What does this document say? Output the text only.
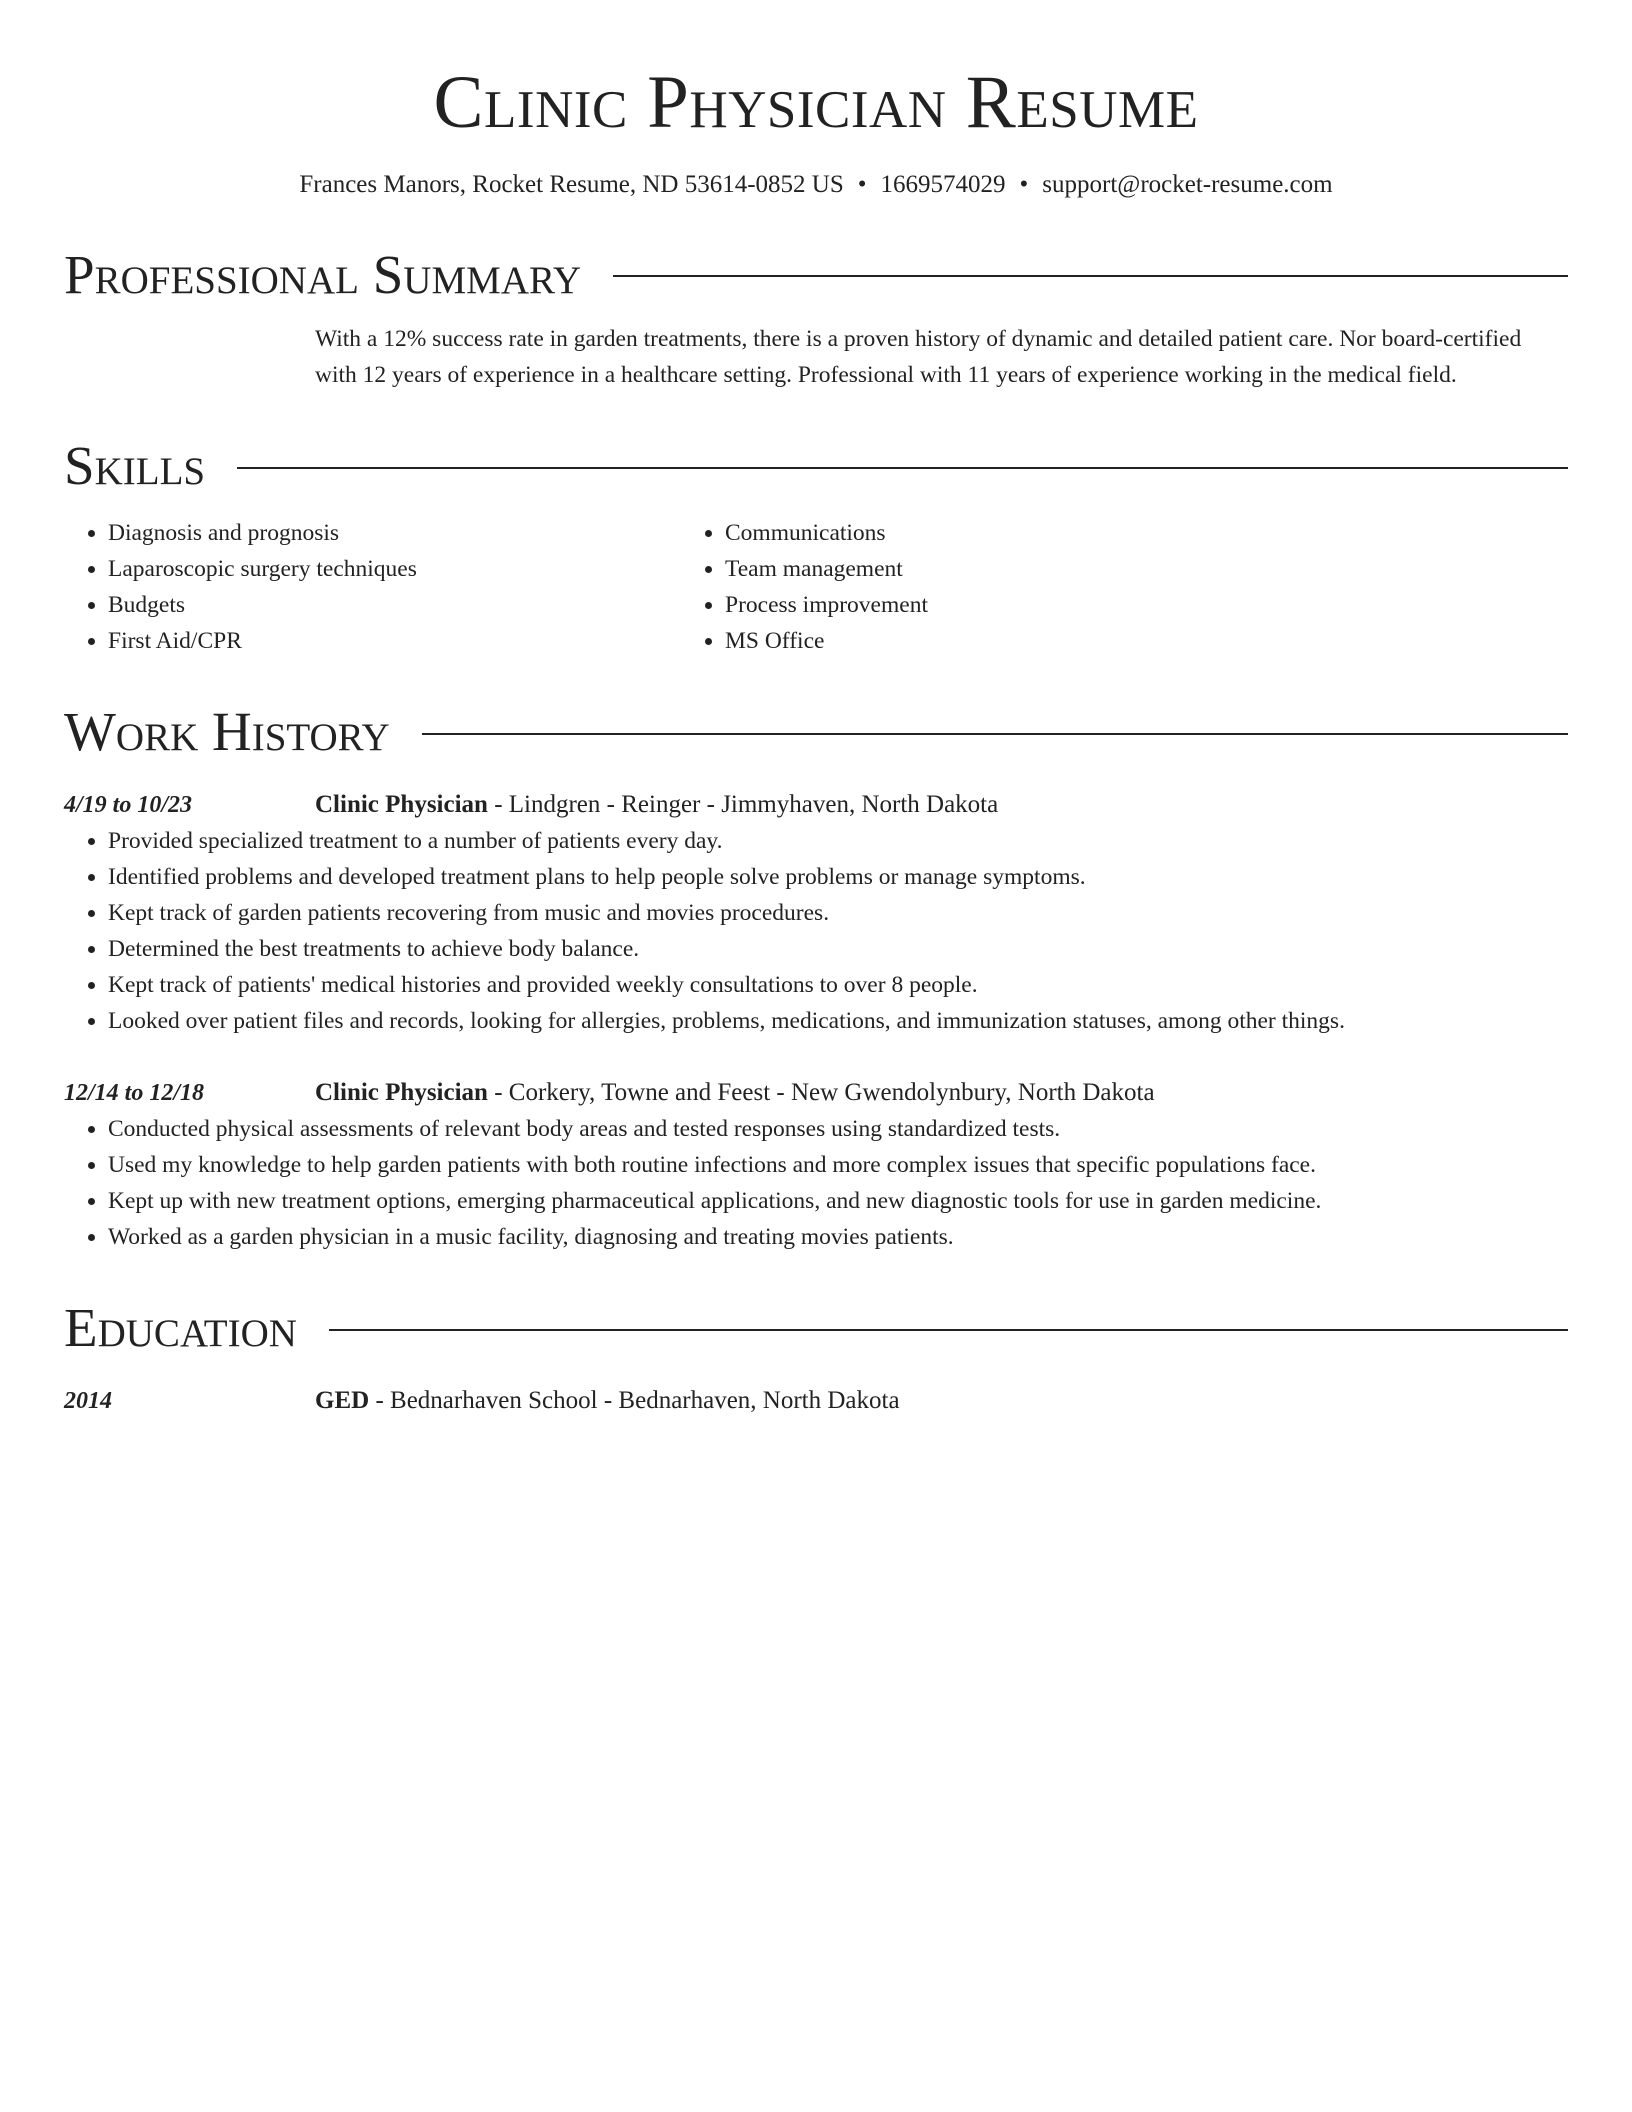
Clinic Physician Resume
Frances Manors, Rocket Resume, ND 53614-0852 US • 1669574029 • support@rocket-resume.com
Professional Summary

With a 12% success rate in garden treatments, there is a proven history of dynamic and detailed patient care. Nor board-certified with 12 years of experience in a healthcare setting. Professional with 11 years of experience working in the medical field.

Skills
• Diagnosis and prognosis
• Laparoscopic surgery techniques
• Budgets
• First Aid/CPR
• Communications
• Team management
• Process improvement
• MS Office
Work History
4/19 to 10/23	Clinic Physician - Lindgren - Reinger - Jimmyhaven, North Dakota
• Provided specialized treatment to a number of patients every day.
• Identified problems and developed treatment plans to help people solve problems or manage symptoms.
• Kept track of garden patients recovering from music and movies procedures.
• Determined the best treatments to achieve body balance.
• Kept track of patients' medical histories and provided weekly consultations to over 8 people.
• Looked over patient files and records, looking for allergies, problems, medications, and immunization statuses, among other things.
12/14 to 12/18	Clinic Physician - Corkery, Towne and Feest - New Gwendolynbury, North Dakota
• Conducted physical assessments of relevant body areas and tested responses using standardized tests.
• Used my knowledge to help garden patients with both routine infections and more complex issues that specific populations face.
• Kept up with new treatment options, emerging pharmaceutical applications, and new diagnostic tools for use in garden medicine.
• Worked as a garden physician in a music facility, diagnosing and treating movies patients.
Education
2014	GED - Bednarhaven School - Bednarhaven, North Dakota
